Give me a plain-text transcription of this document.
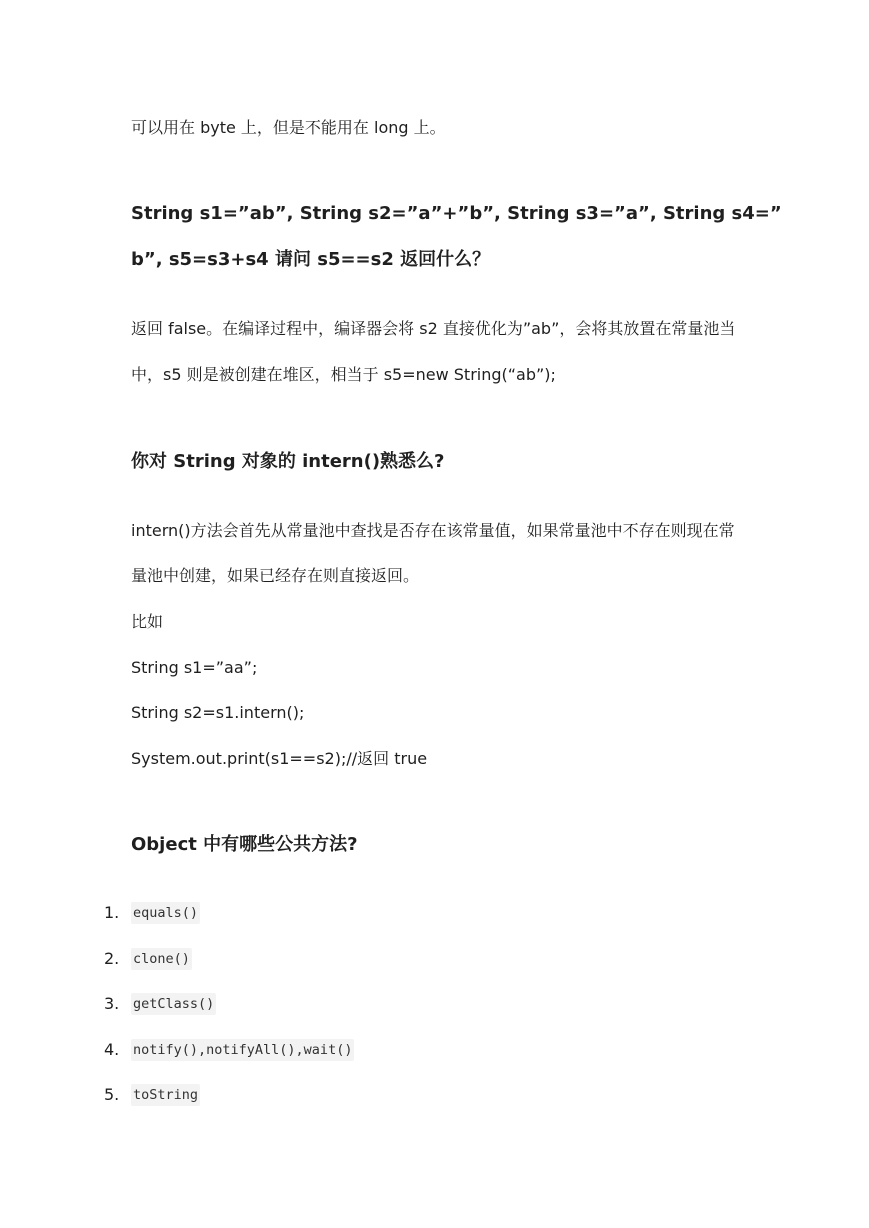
可以用在 byte 上，但是不能用在 long 上。

String s1=”ab”, String s2=”a”+”b”, String s3=”a”, String s4=”
b”, s5=s3+s4 请问 s5==s2 返回什么？

返回 false。在编译过程中，编译器会将 s2 直接优化为”ab”，会将其放置在常量池当

中，s5 则是被创建在堆区，相当于 s5=new String(“ab”);

你对 String 对象的 intern()熟悉么?

intern()方法会首先从常量池中查找是否存在该常量值，如果常量池中不存在则现在常

量池中创建，如果已经存在则直接返回。

比如

String s1=”aa”;

String s2=s1.intern();

System.out.print(s1==s2);//返回 true

Object 中有哪些公共方法?
1.	equals()
2.	clone()
3.	getClass()
4.	notify(),notifyAll(),wait()
5.	toString
